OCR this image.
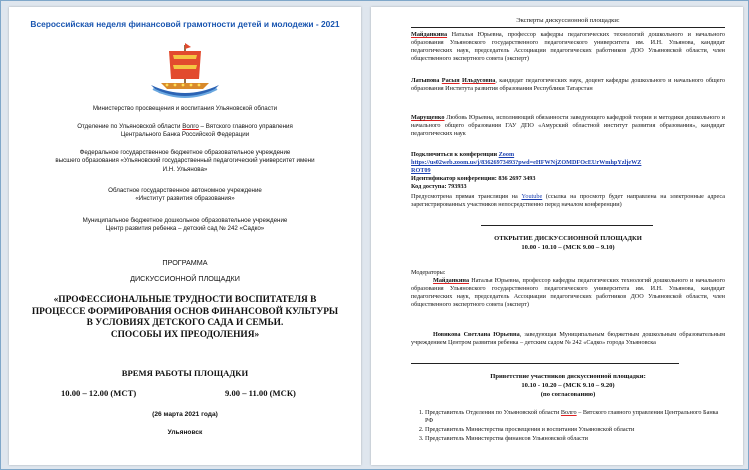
Всероссийская неделя финансовой грамотности детей и молодежи - 2021
Министерство просвещения и воспитания Ульяновской области
Отделение по Ульяновской области Волго – Вятского главного управления
Центрального Банка Российской Федерации
Федеральное государственное бюджетное образовательное учреждение
высшего образования «Ульяновский государственный педагогический университет имени
И.Н. Ульянова»
Областное государственное автономное учреждение
«Институт развития образования»
Муниципальное бюджетное дошкольное образовательное учреждение
Центр развития ребенка – детский сад № 242 «Садко»
ПРОГРАММА
ДИСКУССИОННОЙ ПЛОЩАДКИ
«ПРОФЕССИОНАЛЬНЫЕ ТРУДНОСТИ ВОСПИТАТЕЛЯ В
ПРОЦЕССЕ ФОРМИРОВАНИЯ ОСНОВ ФИНАНСОВОЙ КУЛЬТУРЫ
В УСЛОВИЯХ ДЕТСКОГО САДА И СЕМЬИ.
СПОСОБЫ ИХ ПРЕОДОЛЕНИЯ»
ВРЕМЯ РАБОТЫ ПЛОЩАДКИ
10.00 – 12.00 (МСТ)	9.00 – 11.00 (МСК)
(26 марта 2021 года)
Ульяновск
Эксперты дискуссионной площадки:
Майданкина Наталья Юрьевна, профессор кафедры педагогических технологий дошкольного и начального образования Ульяновского государственного педагогического университета им. И.Н. Ульянова, кандидат педагогических наук, председатель Ассоциации педагогических работников ДОО Ульяновской области, член общественного экспертного совета (эксперт)
Латыпова Расыя Ильдусовна, кандидат педагогических наук, доцент кафедры дошкольного и начального общего образования Института развития образования Республики Татарстан
Марущенко Любовь Юрьевна, исполняющий обязанности заведующего кафедрой теории и методики дошкольного и начального общего образования ГАУ ДПО «Амурский областной институт развития образования», кандидат педагогических наук
Подключиться к конференции Zoom
https://us02web.zoom.us/j/83626973493?pwd=eHFWNjZOMDFOcEUrWmhpYzljeWZ
ROT09
Идентификатор конференции: 836 2697 3493
Код доступа: 793933
Предусмотрена прямая трансляция на Youtube (ссылка на просмотр будет направлена на электронные адреса зарегистрированных участников непосредственно перед началом конференции)
ОТКРЫТИЕ ДИСКУССИОННОЙ ПЛОЩАДКИ
10.00 - 10.10 – (МСК 9.00 – 9.10)
Модераторы:
Майданкина Наталья Юрьевна, профессор кафедры педагогических технологий дошкольного и начального образования Ульяновского государственного педагогического университета им. И.Н. Ульянова, кандидат педагогических наук, председатель Ассоциации педагогических работников ДОО Ульяновской области, член общественного экспертного совета (эксперт)
Новикова Светлана Юрьевна, заведующая Муниципальным бюджетным дошкольным образовательным учреждением Центром развития ребенка – детским садом № 242 «Садко» города Ульяновска
Приветствие участников дискуссионной площадки:
10.10 - 10.20 – (МСК 9.10 – 9.20)
(по согласованию)
1. Представитель Отделения по Ульяновской области Волго – Вятского главного управления Центрального Банка РФ
2. Представитель Министерства просвещения и воспитания Ульяновской области
3. Представитель Министерства финансов Ульяновской области
